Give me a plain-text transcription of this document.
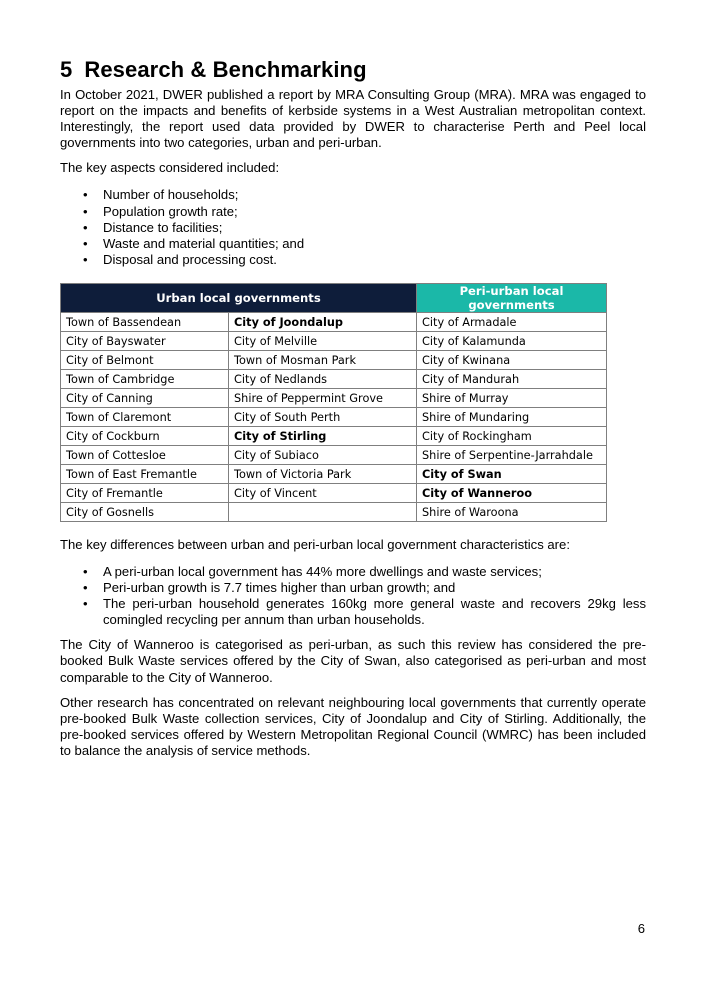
5 Research & Benchmarking

In October 2021, DWER published a report by MRA Consulting Group (MRA). MRA was engaged to report on the impacts and benefits of kerbside systems in a West Australian metropolitan context. Interestingly, the report used data provided by DWER to characterise Perth and Peel local governments into two categories, urban and peri-urban.

The key aspects considered included:

• Number of households;
• Population growth rate;
• Distance to facilities;
• Waste and material quantities; and
• Disposal and processing cost.
Urban local governments		Peri-urban local governments
Town of Bassendean	City of Joondalup	City of Armadale
City of Bayswater	City of Melville	City of Kalamunda
City of Belmont	Town of Mosman Park	City of Kwinana
Town of Cambridge	City of Nedlands	City of Mandurah
City of Canning	Shire of Peppermint Grove	Shire of Murray
Town of Claremont	City of South Perth	Shire of Mundaring
City of Cockburn	City of Stirling	City of Rockingham
Town of Cottesloe	City of Subiaco	Shire of Serpentine-Jarrahdale
Town of East Fremantle	Town of Victoria Park	City of Swan
City of Fremantle	City of Vincent	City of Wanneroo
City of Gosnells		Shire of Waroona

The key differences between urban and peri-urban local government characteristics are:

• A peri-urban local government has 44% more dwellings and waste services;
• Peri-urban growth is 7.7 times higher than urban growth; and
• The peri-urban household generates 160kg more general waste and recovers 29kg less comingled recycling per annum than urban households.

The City of Wanneroo is categorised as peri-urban, as such this review has considered the pre-booked Bulk Waste services offered by the City of Swan, also categorised as peri-urban and most comparable to the City of Wanneroo.

Other research has concentrated on relevant neighbouring local governments that currently operate pre-booked Bulk Waste collection services, City of Joondalup and City of Stirling. Additionally, the pre-booked services offered by Western Metropolitan Regional Council (WMRC) has been included to balance the analysis of service methods.

6
